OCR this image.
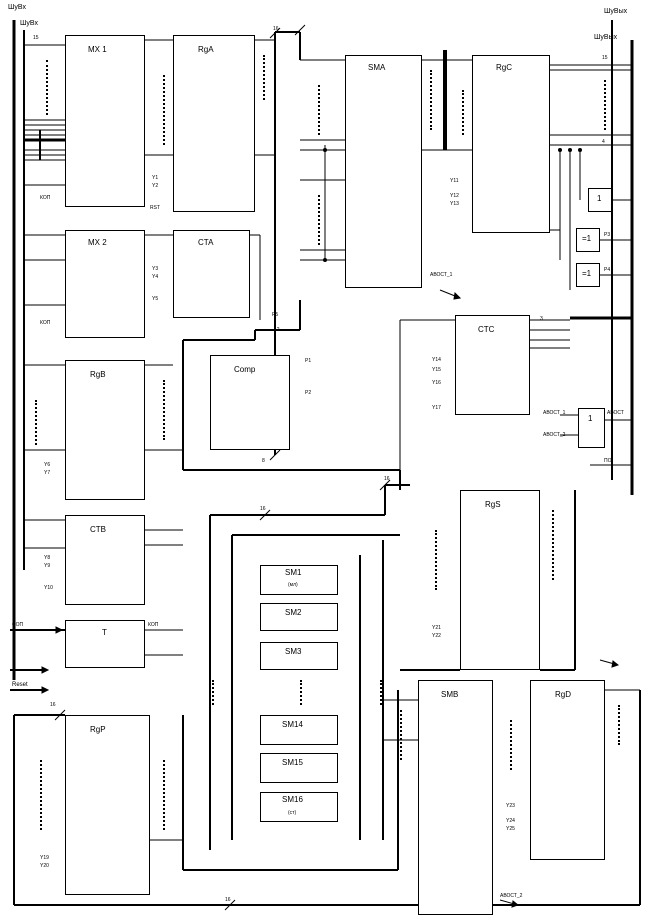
ШуВх
ШуВх
ШуВых
ШуВых
MX 1
КОП
RgA
Y1
Y2
RST
MX 2
КОП
CTA
Y3
Y4
Y5
P5
RgB
Y6
Y7
Comp
P1
P2
CTB
Y8
Y9
Y10
T
COП
Reset
КОП
RgP
Y19
Y20
SMA
АВОСТ_1
RgC
Y11
Y12
Y13
1
=1	P3
=1	P4
CTC
Y14
Y15
Y16
Y17
1
АВОСТ_1
АВОСТ_2
АВОСТ
ПО
RgS
Y21
Y22
SM1
(мл)
SM2
SM3
SM14
SM15
SM16
(ст)
SMB
АВОСТ_2
RgD
Y23
Y24
Y25
15
16
15
4
3
8
16
16
16
16
12
